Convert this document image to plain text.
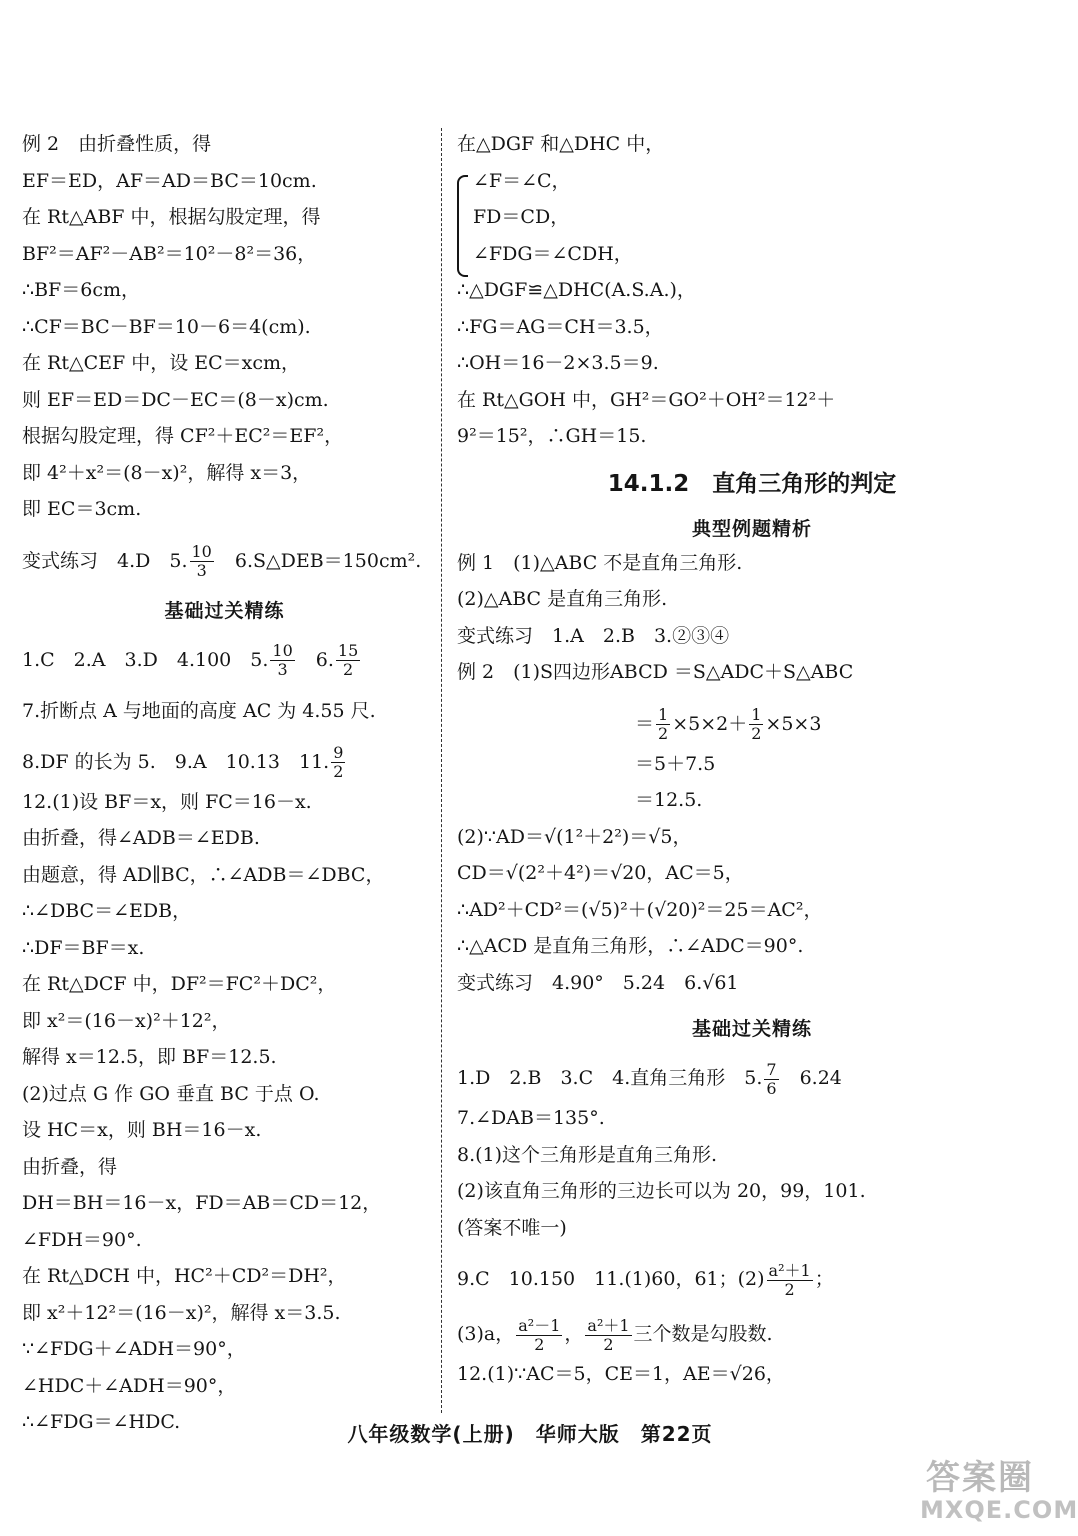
例 2　由折叠性质，得
EF＝ED，AF＝AD＝BC＝10cm.
在 Rt△ABF 中，根据勾股定理，得
BF²＝AF²－AB²＝10²－8²＝36，
∴BF＝6cm，
∴CF＝BC－BF＝10－6＝4(cm).
在 Rt△CEF 中，设 EC＝xcm，
则 EF＝ED＝DC－EC＝(8－x)cm.
根据勾股定理，得 CF²＋EC²＝EF²，
即 4²＋x²＝(8－x)²，解得 x＝3，
即 EC＝3cm.
变式练习　4.D　5. $\frac{10}{3}$ 　6.S△DEB＝150cm².
基础过关精练
1.C　2.A　3.D　4.100　5. $\frac{10}{3}$ 　6. $\frac{15}{2}$
7.折断点 A 与地面的高度 AC 为 4.55 尺.
8.DF 的长为 5.　9.A　10.13　11. $\frac{9}{2}$
12.(1)设 BF＝x，则 FC＝16－x.
由折叠，得∠ADB＝∠EDB.
由题意，得 AD∥BC，∴∠ADB＝∠DBC，
∴∠DBC＝∠EDB，
∴DF＝BF＝x.
在 Rt△DCF 中，DF²＝FC²＋DC²，
即 x²＝(16－x)²＋12²，
解得 x＝12.5，即 BF＝12.5.
(2)过点 G 作 GO 垂直 BC 于点 O.
设 HC＝x，则 BH＝16－x.
由折叠，得
DH＝BH＝16－x，FD＝AB＝CD＝12，
∠FDH＝90°.
在 Rt△DCH 中，HC²＋CD²＝DH²，
即 x²＋12²＝(16－x)²，解得 x＝3.5.
∵∠FDG＋∠ADH＝90°，
∠HDC＋∠ADH＝90°，
∴∠FDG＝∠HDC.
在△DGF 和△DHC 中，
∠F＝∠C，
FD＝CD，
∠FDG＝∠CDH，
∴△DGF≌△DHC(A.S.A.)，
∴FG＝AG＝CH＝3.5，
∴OH＝16－2×3.5＝9.
在 Rt△GOH 中，GH²＝GO²＋OH²＝12²＋
9²＝15²，∴GH＝15.
14.1.2　直角三角形的判定
典型例题精析
例 1　(1)△ABC 不是直角三角形.
(2)△ABC 是直角三角形.
变式练习　1.A　2.B　3.②③④
例 2　(1)S四边形ABCD ＝S△ADC＋S△ABC
＝ $\frac{1}{2} \times 5\times 2+ \frac{1}{2} \times 5\times 3$
＝5＋7.5
＝12.5.
(2)∵AD＝√(1²＋2²)＝√5，
CD＝√(2²＋4²)＝√20，AC＝5，
∴AD²＋CD²＝(√5)²＋(√20)²＝25＝AC²，
∴△ACD 是直角三角形，∴∠ADC＝90°.
变式练习　4.90°　5.24　6.√61
基础过关精练
1.D　2.B　3.C　4.直角三角形　5. $\frac{7}{6}$ 　6.24
7.∠DAB＝135°.
8.(1)这个三角形是直角三角形.
(2)该直角三角形的三边长可以为 20，99，101.
(答案不唯一)
9.C　10.150　11.(1)60，61；$(2) \frac{\text{a²＋1}}{2}$ ；
(3)a， $\frac{\text{a²－1}}{2}$ ， $\frac{\text{a²＋1}}{2}$ 三个数是勾股数.
12.(1)∵AC＝5，CE＝1，AE＝√26，
八年级数学(上册)　华师大版　第22页
答案圈
MXQE.COM
